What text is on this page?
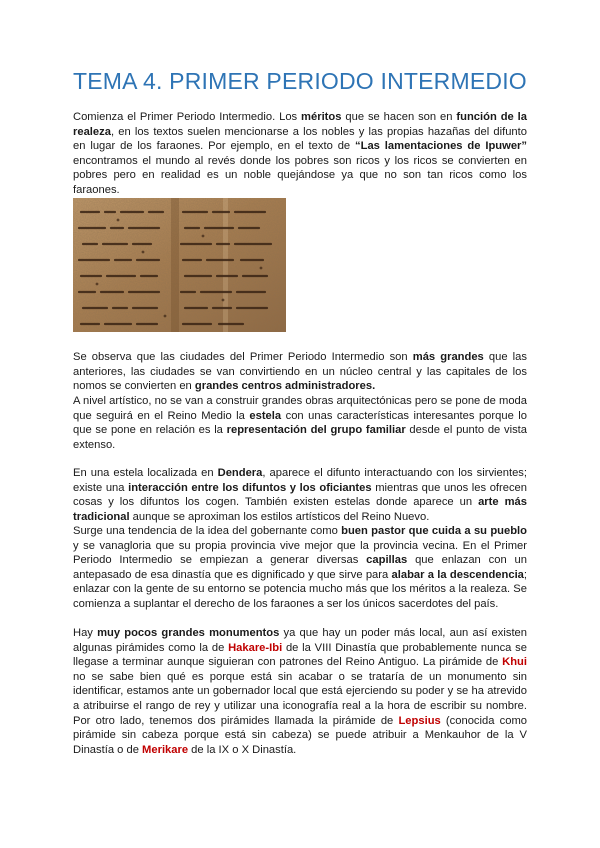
TEMA 4. PRIMER PERIODO INTERMEDIO

Comienza el Primer Periodo Intermedio. Los méritos que se hacen son en función de la realeza, en los textos suelen mencionarse a los nobles y las propias hazañas del difunto en lugar de los faraones. Por ejemplo, en el texto de “Las lamentaciones de Ipuwer” encontramos el mundo al revés donde los pobres son ricos y los ricos se convierten en pobres pero en realidad es un noble quejándose ya que no son tan ricos como los faraones.

Se observa que las ciudades del Primer Periodo Intermedio son más grandes que las anteriores, las ciudades se van convirtiendo en un núcleo central y las capitales de los nomos se convierten en grandes centros administradores.

A nivel artístico, no se van a construir grandes obras arquitectónicas pero se pone de moda que seguirá en el Reino Medio la estela con unas características interesantes porque lo que se pone en relación es la representación del grupo familiar desde el punto de vista extenso.

En una estela localizada en Dendera, aparece el difunto interactuando con los sirvientes; existe una interacción entre los difuntos y los oficiantes mientras que unos les ofrecen cosas y los difuntos los cogen. También existen estelas donde aparece un arte más tradicional aunque se aproximan los estilos artísticos del Reino Nuevo.

Surge una tendencia de la idea del gobernante como buen pastor que cuida a su pueblo y se vanagloria que su propia provincia vive mejor que la provincia vecina. En el Primer Periodo Intermedio se empiezan a generar diversas capillas que enlazan con un antepasado de esa dinastía que es dignificado y que sirve para alabar a la descendencia; enlazar con la gente de su entorno se potencia mucho más que los méritos a la realeza. Se comienza a suplantar el derecho de los faraones a ser los únicos sacerdotes del país.

Hay muy pocos grandes monumentos ya que hay un poder más local, aun así existen algunas pirámides como la de Hakare-Ibi de la VIII Dinastía que probablemente nunca se llegase a terminar aunque siguieran con patrones del Reino Antiguo. La pirámide de Khui no se sabe bien qué es porque está sin acabar o se trataría de un monumento sin identificar, estamos ante un gobernador local que está ejerciendo su poder y se ha atrevido a atribuirse el rango de rey y utilizar una iconografía real a la hora de escribir su nombre. Por otro lado, tenemos dos pirámides llamada la pirámide de Lepsius (conocida como pirámide sin cabeza porque está sin cabeza) se puede atribuir a Menkauhor de la V Dinastía o de Merikare de la IX o X Dinastía.
